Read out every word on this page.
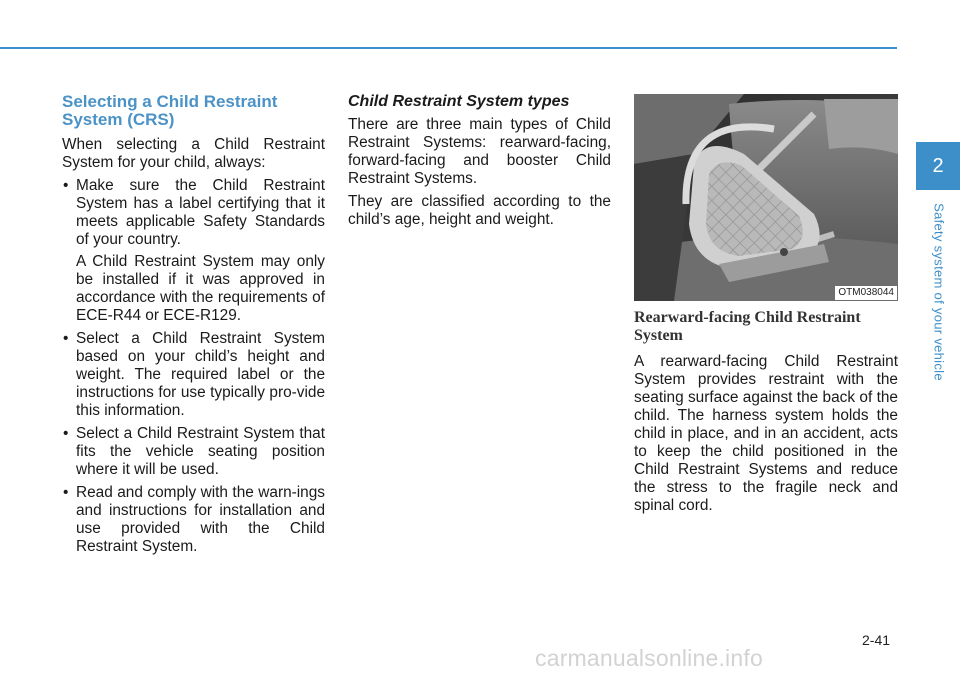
Selecting a Child Restraint System (CRS)

When selecting a Child Restraint System for your child, always:

• Make sure the Child Restraint System has a label certifying that it meets applicable Safety Standards of your country.

A Child Restraint System may only be installed if it was approved in accordance with the requirements of ECE-R44 or ECE-R129.

• Select a Child Restraint System based on your child’s height and weight. The required label or the instructions for use typically pro-vide this information.
• Select a Child Restraint System that fits the vehicle seating position where it will be used.
• Read and comply with the warn-ings and instructions for installation and use provided with the Child Restraint System.
Child Restraint System types

There are three main types of Child Restraint Systems: rearward-facing, forward-facing and booster Child Restraint Systems.

They are classified according to the child’s age, height and weight.

OTM038044
Rearward-facing Child Restraint System

A rearward-facing Child Restraint System provides restraint with the seating surface against the back of the child. The harness system holds the child in place, and in an accident, acts to keep the child positioned in the Child Restraint Systems and reduce the stress to the fragile neck and spinal cord.

2
Safety system of your vehicle
2-41
carmanualsonline.info
